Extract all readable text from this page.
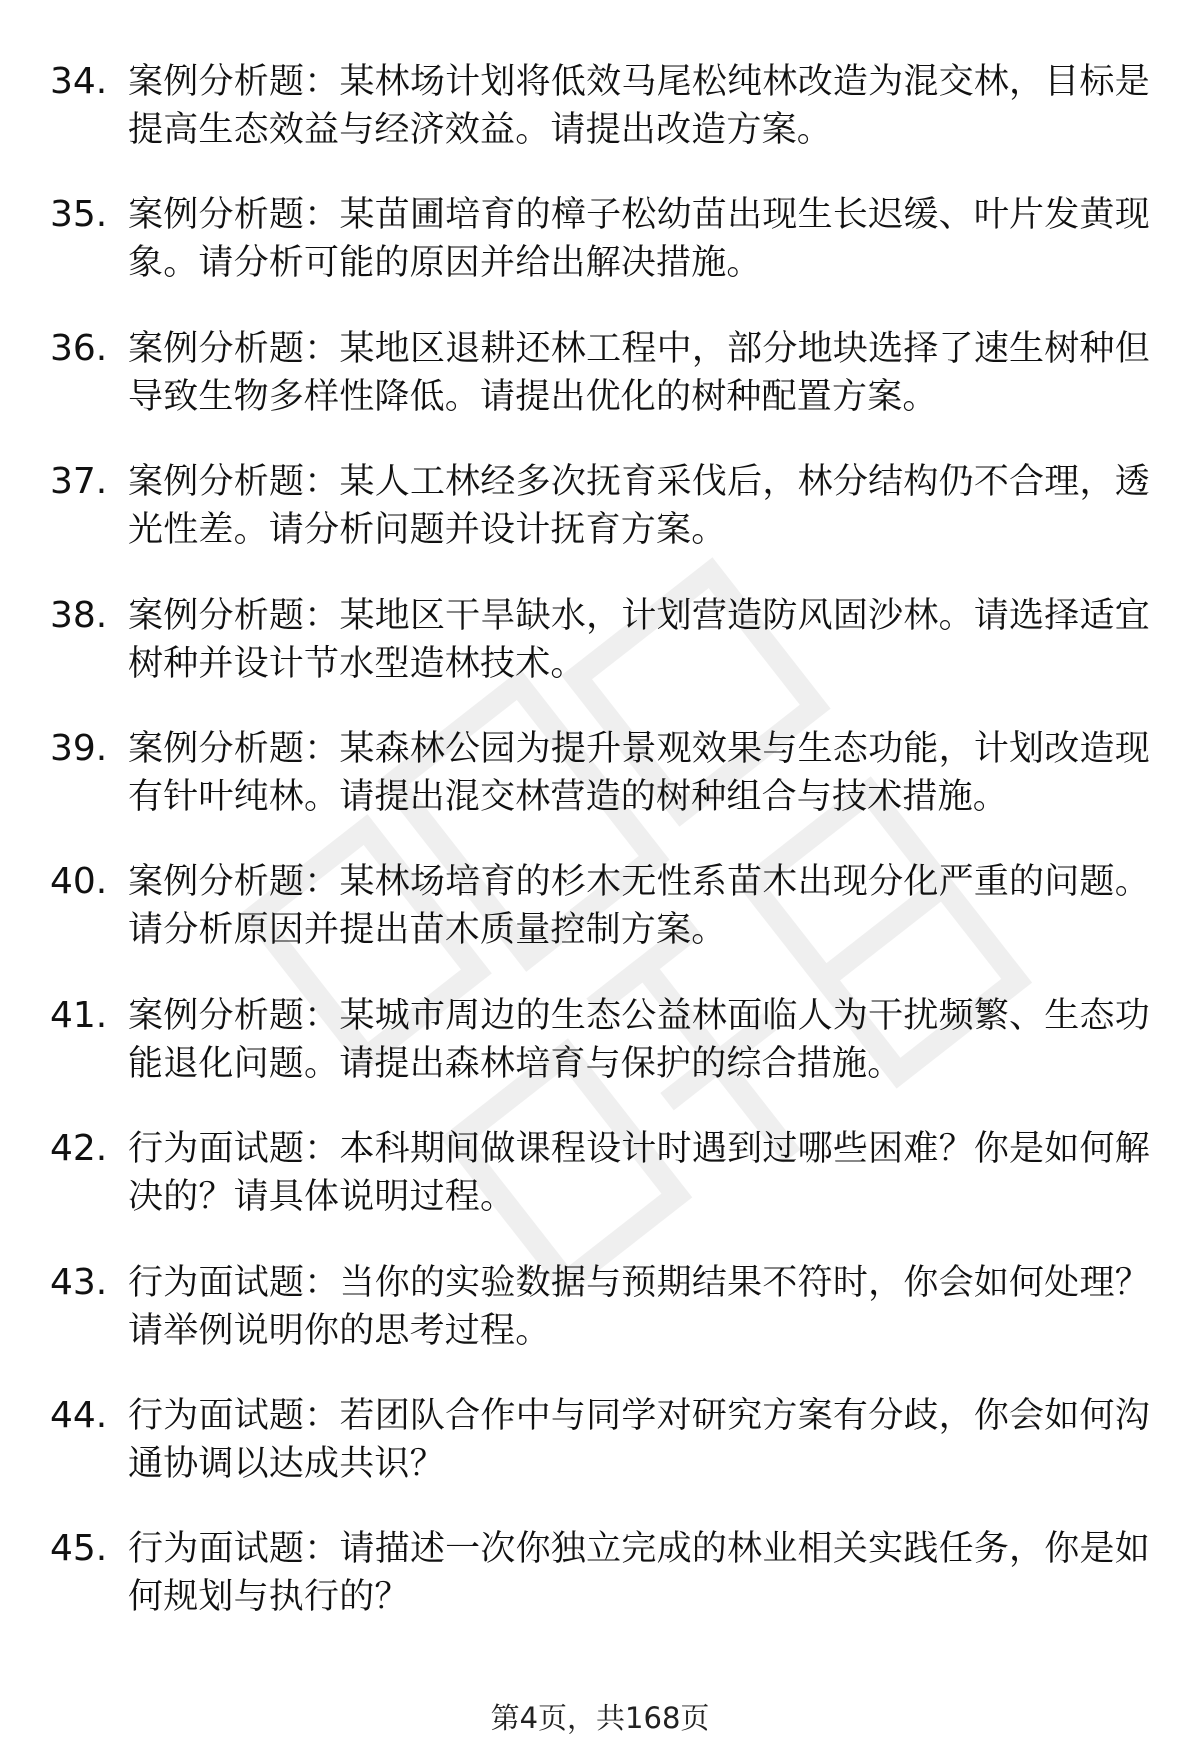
34. 案例分析题：某林场计划将低效马尾松纯林改造为混交林，目标是提高生态效益与经济效益。请提出改造方案。
35. 案例分析题：某苗圃培育的樟子松幼苗出现生长迟缓、叶片发黄现象。请分析可能的原因并给出解决措施。
36. 案例分析题：某地区退耕还林工程中，部分地块选择了速生树种但导致生物多样性降低。请提出优化的树种配置方案。
37. 案例分析题：某人工林经多次抚育采伐后，林分结构仍不合理，透光性差。请分析问题并设计抚育方案。
38. 案例分析题：某地区干旱缺水，计划营造防风固沙林。请选择适宜树种并设计节水型造林技术。
39. 案例分析题：某森林公园为提升景观效果与生态功能，计划改造现有针叶纯林。请提出混交林营造的树种组合与技术措施。
40. 案例分析题：某林场培育的杉木无性系苗木出现分化严重的问题。请分析原因并提出苗木质量控制方案。
41. 案例分析题：某城市周边的生态公益林面临人为干扰频繁、生态功能退化问题。请提出森林培育与保护的综合措施。
42. 行为面试题：本科期间做课程设计时遇到过哪些困难？你是如何解决的？请具体说明过程。
43. 行为面试题：当你的实验数据与预期结果不符时，你会如何处理？请举例说明你的思考过程。
44. 行为面试题：若团队合作中与同学对研究方案有分歧，你会如何沟通协调以达成共识？
45. 行为面试题：请描述一次你独立完成的林业相关实践任务，你是如何规划与执行的？
第4页，共168页
